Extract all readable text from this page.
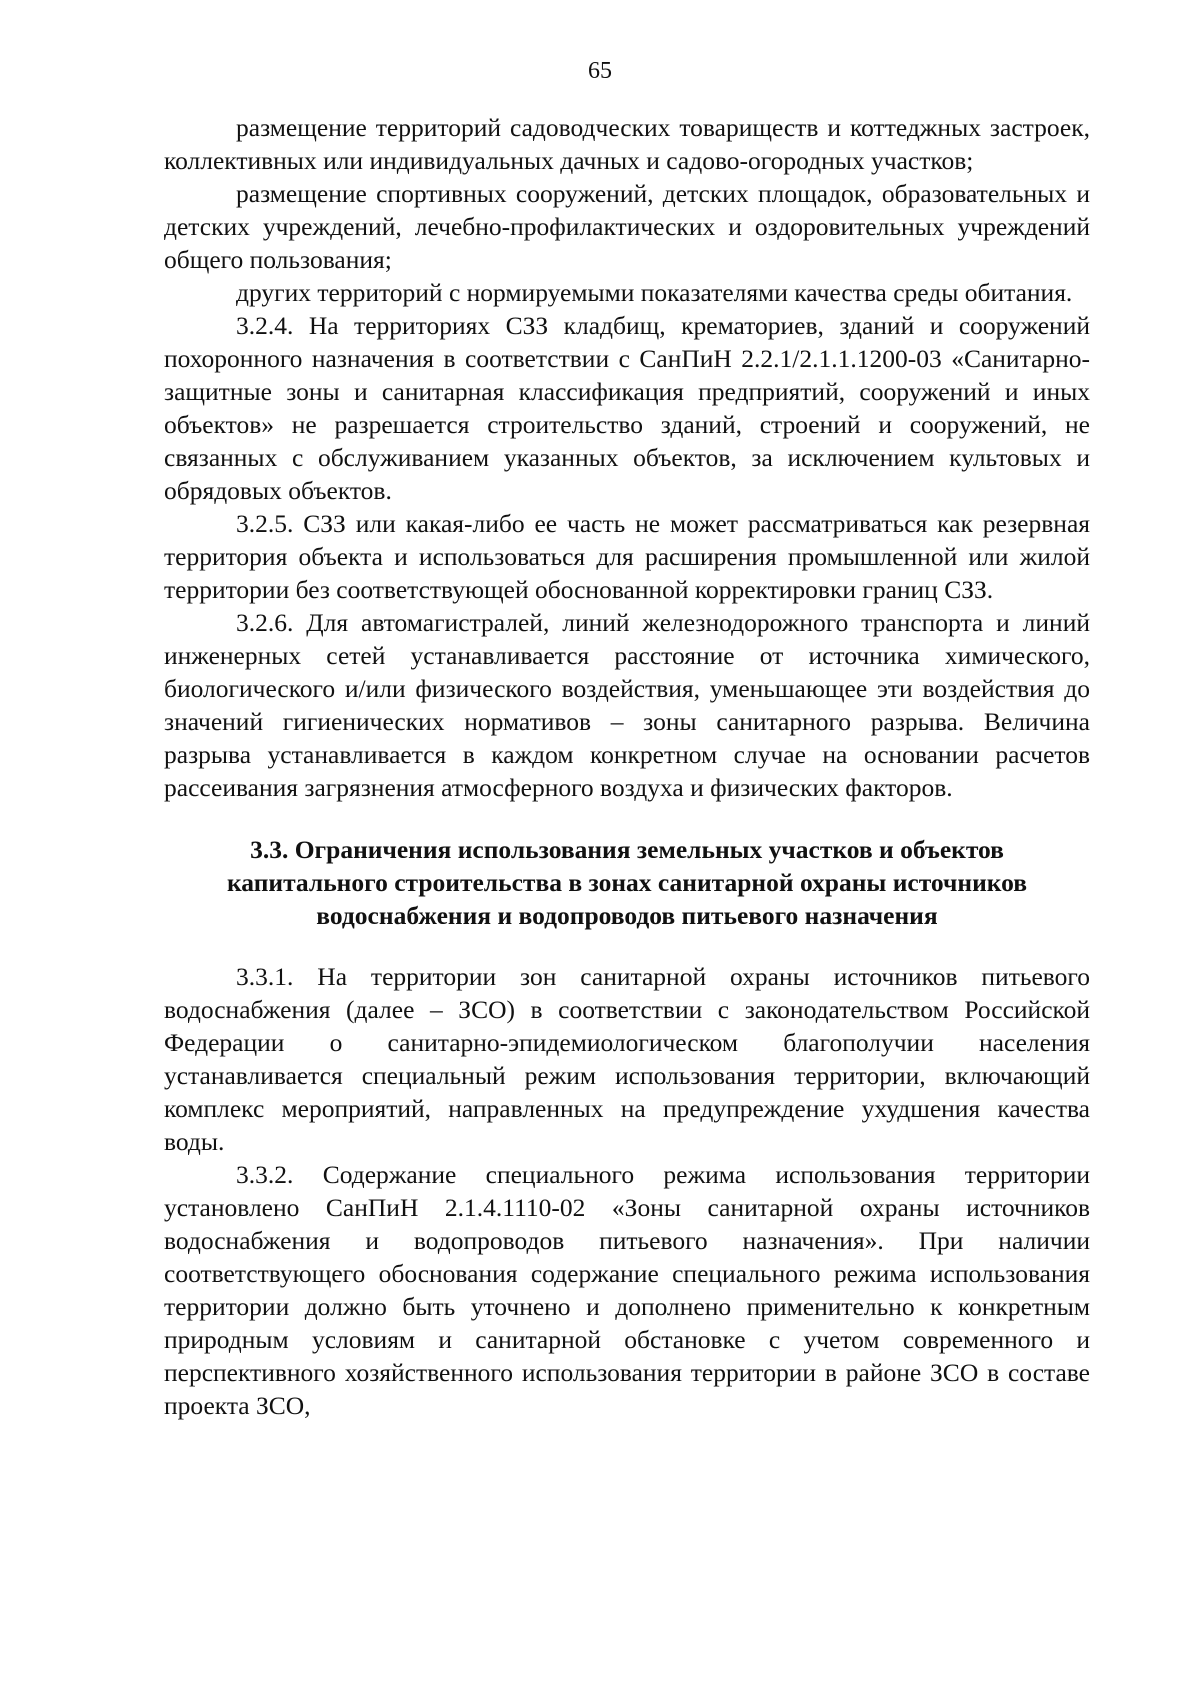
65

размещение территорий садоводческих товариществ и коттеджных застроек, коллективных или индивидуальных дачных и садово-огородных участков;

размещение спортивных сооружений, детских площадок, образовательных и детских учреждений, лечебно-профилактических и оздоровительных учреждений общего пользования;

других территорий с нормируемыми показателями качества среды обитания.

3.2.4. На территориях СЗЗ кладбищ, крематориев, зданий и сооружений похоронного назначения в соответствии с СанПиН 2.2.1/2.1.1.1200-03 «Санитарно-защитные зоны и санитарная классификация предприятий, сооружений и иных объектов» не разрешается строительство зданий, строений и сооружений, не связанных с обслуживанием указанных объектов, за исключением культовых и обрядовых объектов.

3.2.5. СЗЗ или какая-либо ее часть не может рассматриваться как резервная территория объекта и использоваться для расширения промышленной или жилой территории без соответствующей обоснованной корректировки границ СЗЗ.

3.2.6. Для автомагистралей, линий железнодорожного транспорта и линий инженерных сетей устанавливается расстояние от источника химического, биологического и/или физического воздействия, уменьшающее эти воздействия до значений гигиенических нормативов – зоны санитарного разрыва. Величина разрыва устанавливается в каждом конкретном случае на основании расчетов рассеивания загрязнения атмосферного воздуха и физических факторов.

3.3. Ограничения использования земельных участков и объектов капитального строительства в зонах санитарной охраны источников водоснабжения и водопроводов питьевого назначения

3.3.1. На территории зон санитарной охраны источников питьевого водоснабжения (далее – ЗСО) в соответствии с законодательством Российской Федерации о санитарно-эпидемиологическом благополучии населения устанавливается специальный режим использования территории, включающий комплекс мероприятий, направленных на предупреждение ухудшения качества воды.

3.3.2. Содержание специального режима использования территории установлено СанПиН 2.1.4.1110-02 «Зоны санитарной охраны источников водоснабжения и водопроводов питьевого назначения». При наличии соответствующего обоснования содержание специального режима использования территории должно быть уточнено и дополнено применительно к конкретным природным условиям и санитарной обстановке с учетом современного и перспективного хозяйственного использования территории в районе ЗСО в составе проекта ЗСО,
